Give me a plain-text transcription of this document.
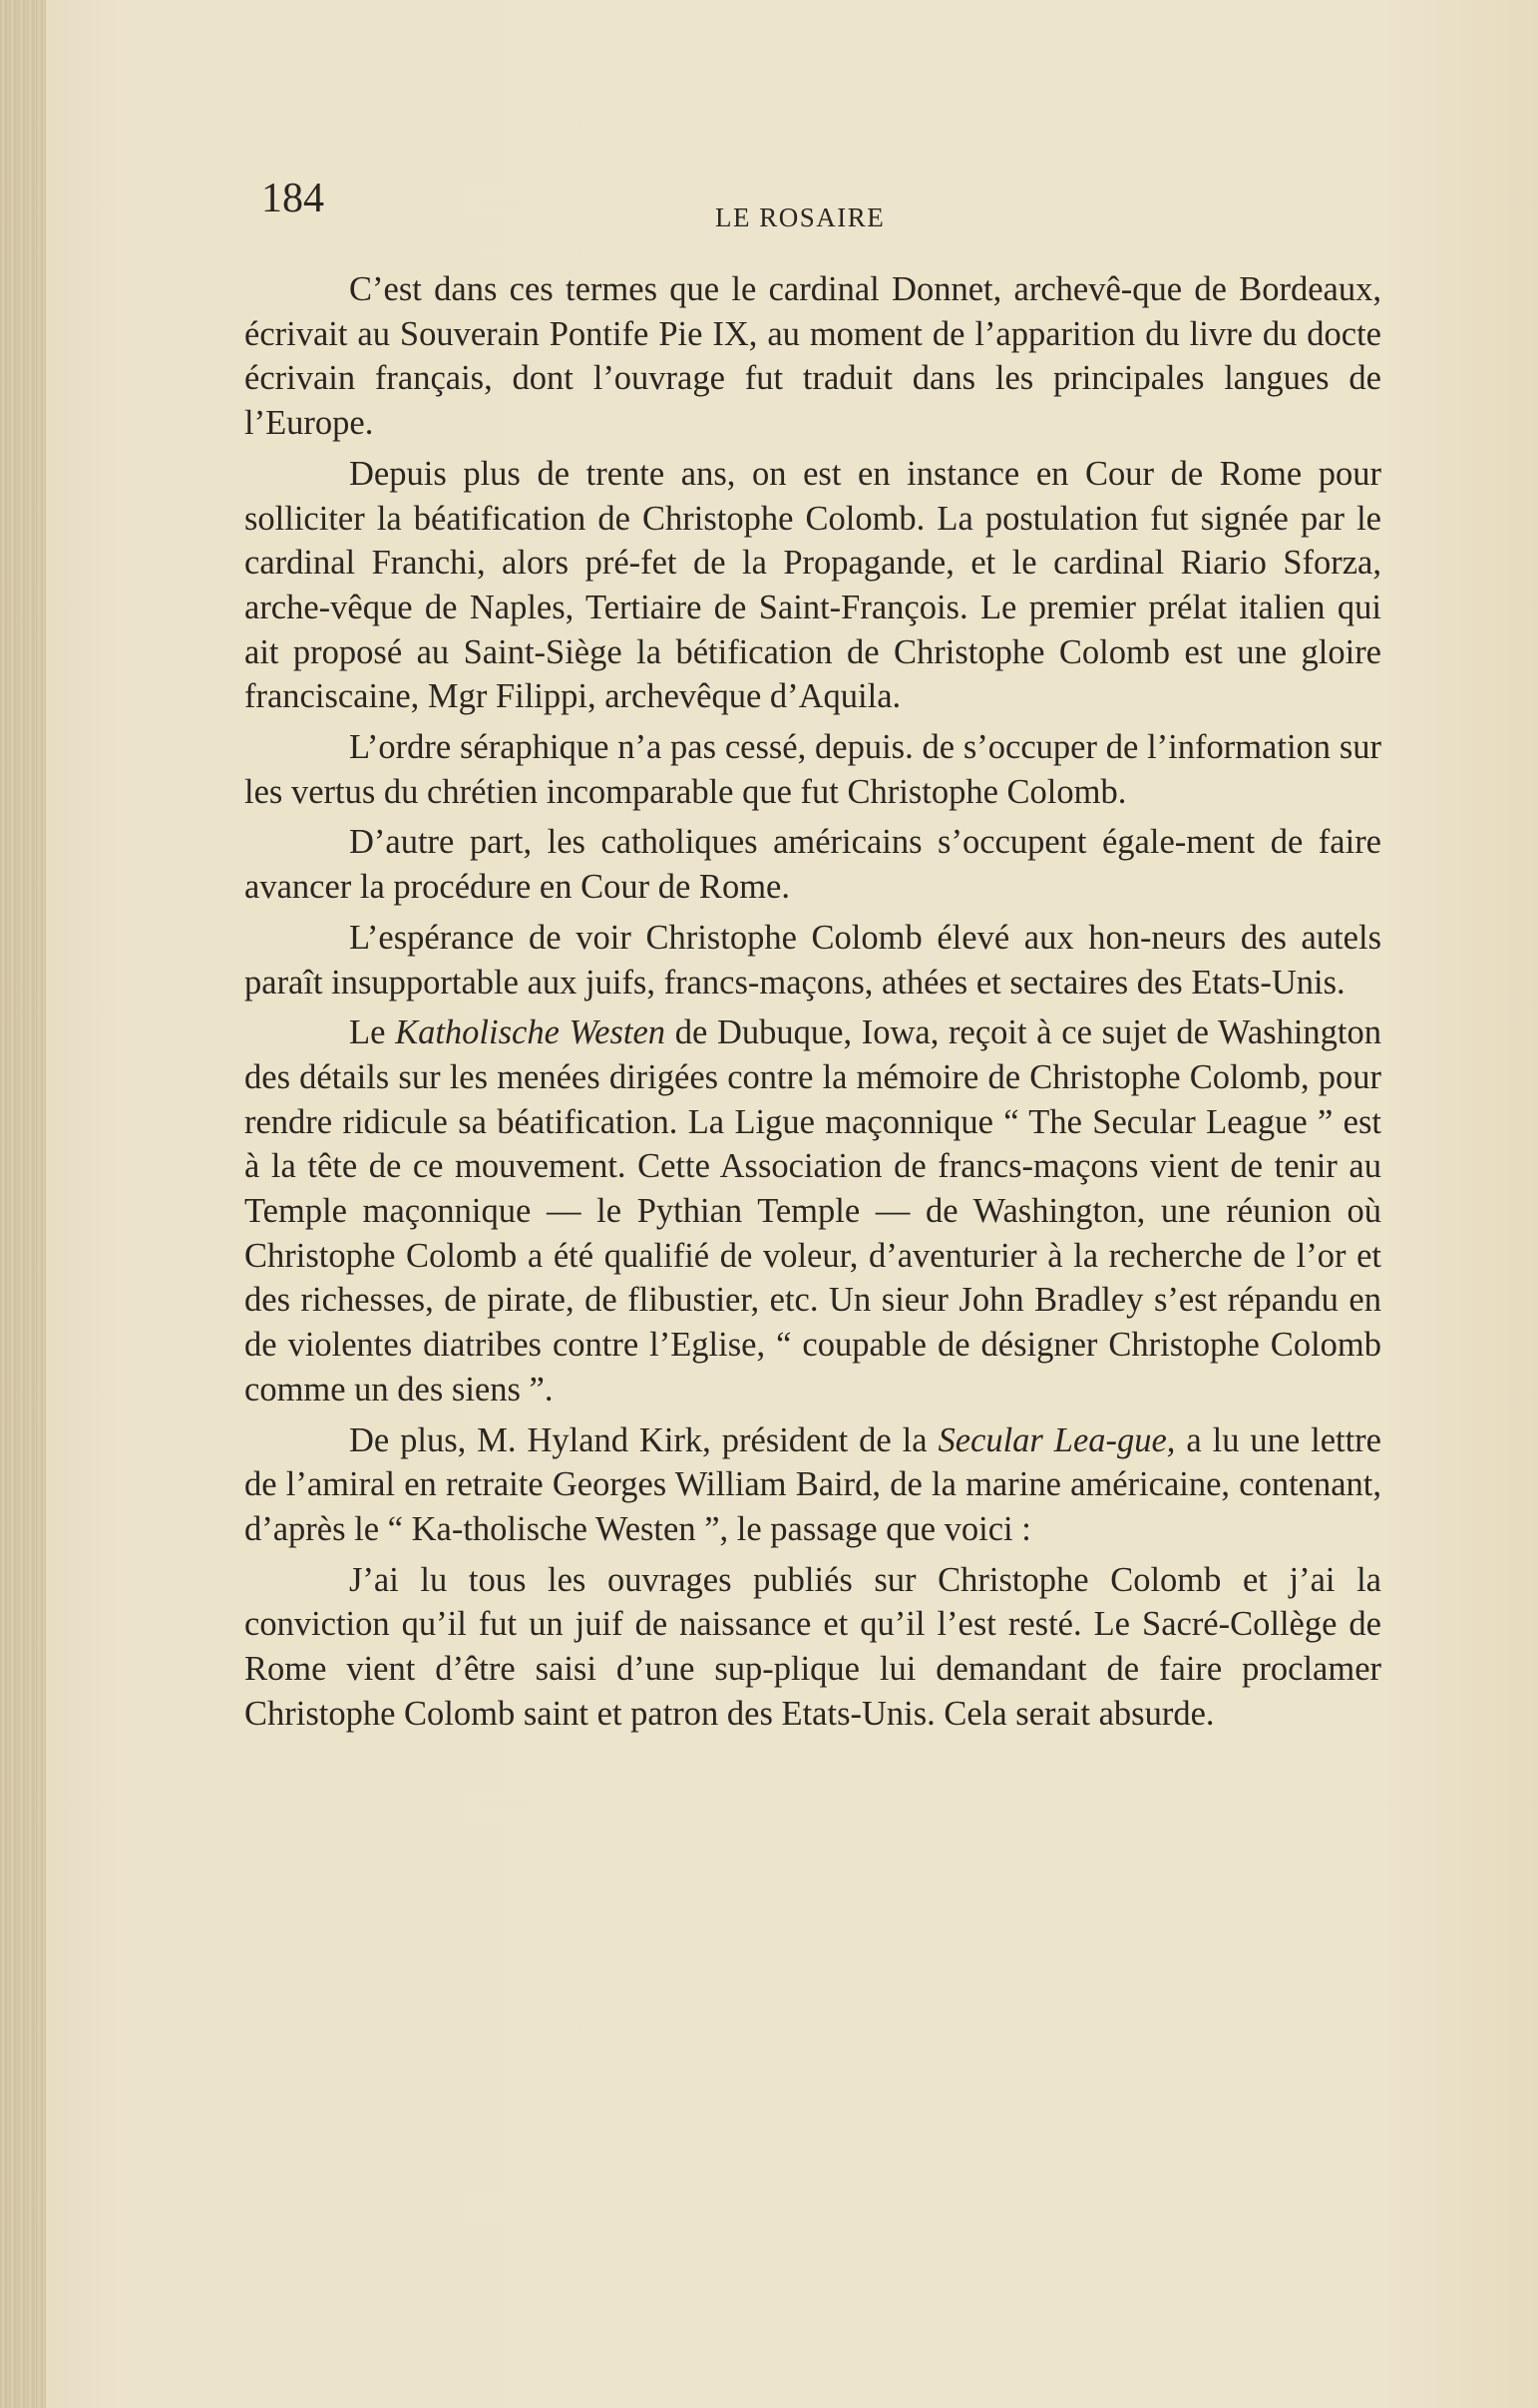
184	LE ROSAIRE

C’est dans ces termes que le cardinal Donnet, archevê-que de Bordeaux, écrivait au Souverain Pontife Pie IX, au moment de l’apparition du livre du docte écrivain français, dont l’ouvrage fut traduit dans les principales langues de l’Europe.

Depuis plus de trente ans, on est en instance en Cour de Rome pour solliciter la béatification de Christophe Colomb. La postulation fut signée par le cardinal Franchi, alors pré-fet de la Propagande, et le cardinal Riario Sforza, arche-vêque de Naples, Tertiaire de Saint-François. Le premier prélat italien qui ait proposé au Saint-Siège la bétification de Christophe Colomb est une gloire franciscaine, Mgr Filippi, archevêque d’Aquila.

L’ordre séraphique n’a pas cessé, depuis. de s’occuper de l’information sur les vertus du chrétien incomparable que fut Christophe Colomb.

D’autre part, les catholiques américains s’occupent égale-ment de faire avancer la procédure en Cour de Rome.

L’espérance de voir Christophe Colomb élevé aux hon-neurs des autels paraît insupportable aux juifs, francs-maçons, athées et sectaires des Etats-Unis.

Le Katholische Westen de Dubuque, Iowa, reçoit à ce sujet de Washington des détails sur les menées dirigées contre la mémoire de Christophe Colomb, pour rendre ridicule sa béatification. La Ligue maçonnique “ The Secular League ” est à la tête de ce mouvement. Cette Association de francs-maçons vient de tenir au Temple maçonnique — le Pythian Temple — de Washington, une réunion où Christophe Colomb a été qualifié de voleur, d’aventurier à la recherche de l’or et des richesses, de pirate, de flibustier, etc. Un sieur John Bradley s’est répandu en de violentes diatribes contre l’Eglise, “ coupable de désigner Christophe Colomb comme un des siens ”.

De plus, M. Hyland Kirk, président de la Secular Lea-gue, a lu une lettre de l’amiral en retraite Georges William Baird, de la marine américaine, contenant, d’après le “ Ka-tholische Westen ”, le passage que voici :

J’ai lu tous les ouvrages publiés sur Christophe Colomb et j’ai la conviction qu’il fut un juif de naissance et qu’il l’est resté. Le Sacré-Collège de Rome vient d’être saisi d’une sup-plique lui demandant de faire proclamer Christophe Colomb saint et patron des Etats-Unis. Cela serait absurde.
